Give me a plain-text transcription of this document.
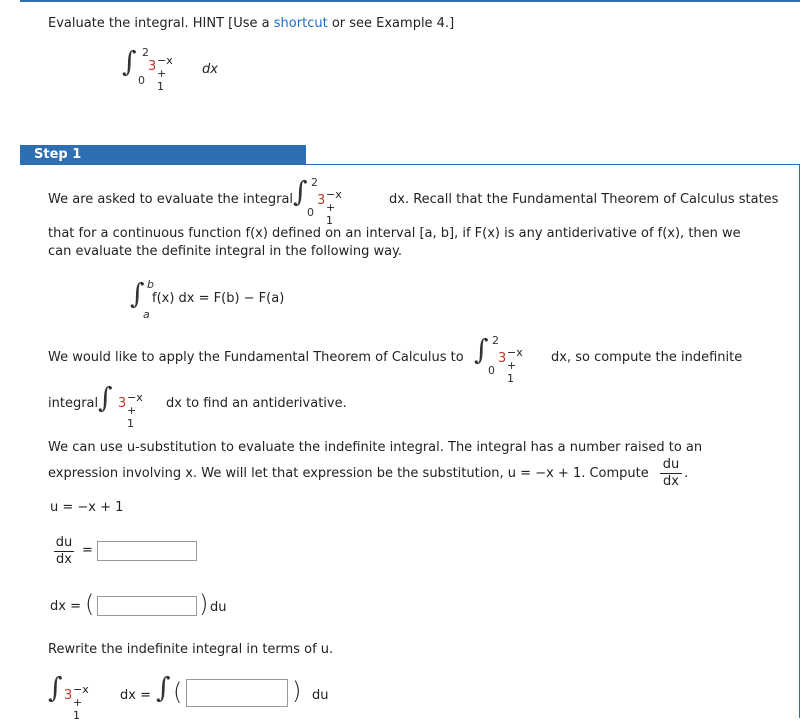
Evaluate the integral. HINT [Use a shortcut or see Example 4.]
∫ 2
0
3 −x + 1
dx
Step 1
We are asked to evaluate the integral ∫ 2
0
3 −x + 1
dx. Recall that the Fundamental Theorem of Calculus states
that for a continuous function f(x) defined on an interval [a, b], if F(x) is any antiderivative of f(x), then we
can evaluate the definite integral in the following way.
∫ b
a
f(x) dx = F(b) − F(a)
We would like to apply the Fundamental Theorem of Calculus to ∫ 2
0
3 −x + 1
dx, so compute the indefinite
integral ∫ 3 −x + 1
dx to find an antiderivative.
We can use u-substitution to evaluate the indefinite integral. The integral has a number raised to an
expression involving x. We will let that expression be the substitution, u = −x + 1. Compute
du
dx
.
u = −x + 1
du
dx
=
dx = (	) du
Rewrite the indefinite integral in terms of u.
∫ 3 −x + 1
dx = ∫ (	) du
